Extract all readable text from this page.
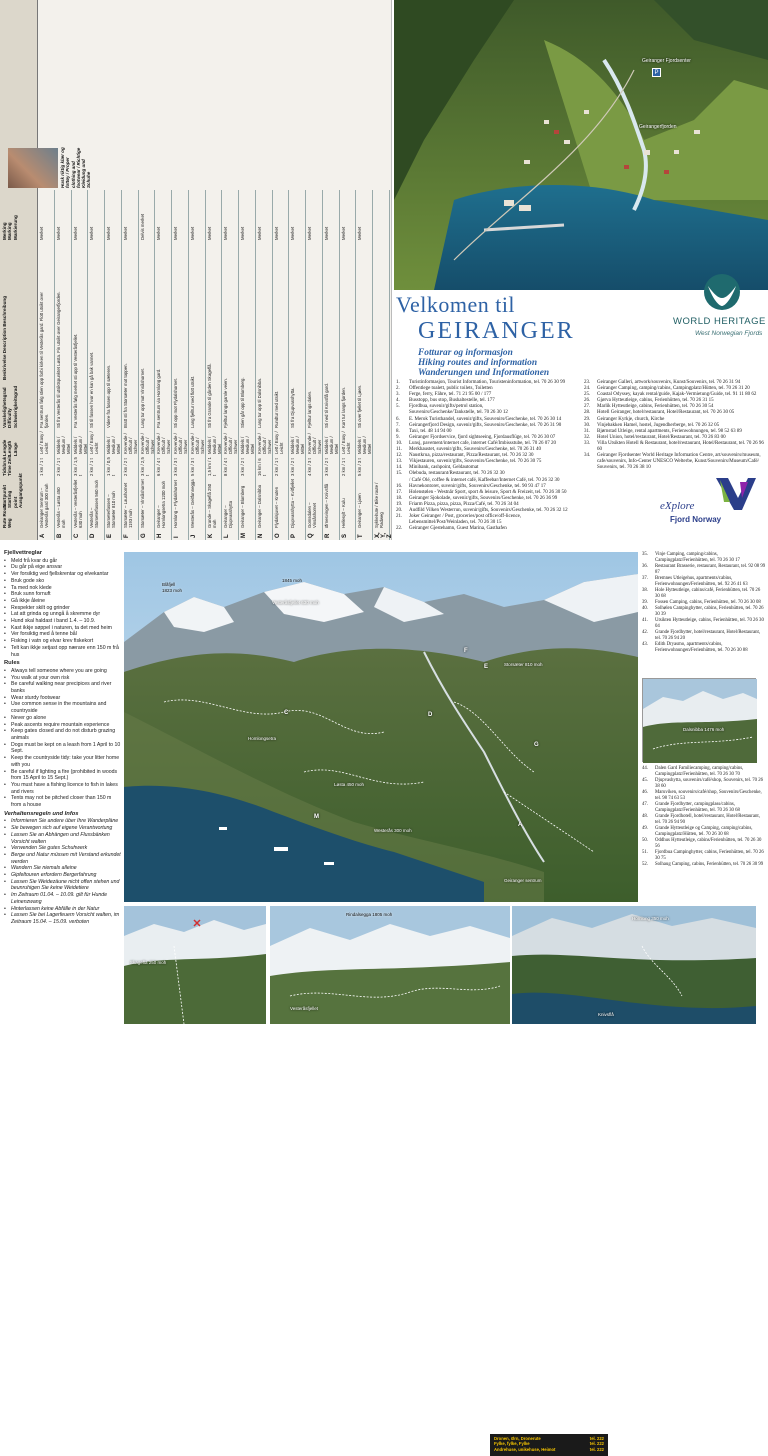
Rute Route Weg
Startpunkt Starting point Ausgangspunkt
Tidsbruk Time Zeit
Lengde Length Länge
Vanskelighetsgrad Difficulty Schwierigkeitsgrad
Beskrivelse Description Beschreibung
Merking Marking Markierung
A
Geiranger Sentrum – Vesterås gard 300 moh
1 km / 1 t
Lett / Easy / Leicht
Fra sentrum følg stien opp forbi kirken til Vesterås gard. Flott utsikt over fjorden.
Merket
B
Vesterås – Løsta 450 moh
2 km / 1 t
Middels / Medium / Mittel
Sti fra Vesterås til utsiktspunktet Løsta. Fin utsikt over Geirangerfjorden.
Merket
C
Vesterås – Vesteråsfjellet 630 moh
3 km / 1,5 t
Middels / Medium / Mittel
Fra Vesterås følg merket sti opp til Vesteråsfjellet.
Merket
D
Vesterås – Storseterfossen 560 moh
2 km / 1 t
Lett / Easy / Leicht
Sti til fossen hvor en kan gå bak vannet.
Merket
E
Storseterfossen – Storsæter 810 moh
1 km / 0,5 t
Middels / Medium / Mittel
Videre fra fossen opp til sæteren.
Merket
F
Storsæter – Laushornet 1193 moh
2 km / 2 t
Krevende / Difficult / Schwer
Bratt sti fra Storsæter mot toppen.
Merket
G
Storsæter – Vinsåshornet
3 km / 2,5 t
Krevende / Difficult / Schwer
Lang tur opp mot Vinsåshornet.
Delvis merket
H
Geiranger – Homlongsetra 1200 moh
6 km / 4 t
Krevende / Difficult / Schwer
Fra sentrum via Homlong gard.
Merket
I
Homlong – Flydalshornet
3 km / 3 t
Krevende / Difficult / Schwer
Sti opp mot Flydalshornet.
Merket
J
Westerås – Geitfonnegga
5 km / 3 t
Krevende / Difficult / Schwer
Lang fjelltur med flott utsikt.
Merket
K
Grande – Skageflå 250 moh
1,5 km / 1 t
Middels / Medium / Mittel
Sti fra Grande til gården Skageflå.
Merket
L
Geiranger – Djupvasshytta
8 km / 4 t
Krevende / Difficult / Schwer
Fjelltur langs gamle veien.
Merket
M
Geiranger – Blomberg
3 km / 2 t
Middels / Medium / Mittel
Stien går opp til Blomberg.
Merket
N
Geiranger – Dalsnibba
16 km / 6 t
Krevende / Difficult / Schwer
Lang tur opp til Dalsnibba.
Merket
O
Flydalsjuvet – Knuten
2 km / 1 t
Lett / Easy / Leicht
Rundtur med utsikt.
Merket
P
Djupvasshytta – Kvitfjellet
3 km / 2 t
Middels / Medium / Mittel
Sti fra Djupvasshytta.
Merket
Q
Gomsdalen – Vinsåshornet
4 km / 3 t
Krevende / Difficult / Schwer
Fjelltur langs dalen.
Merket
R
Ørnesvingen – Knivsflå
3 km / 2 t
Middels / Medium / Mittel
Sti ned til Knivsflå gard.
Merket
S
Hellesylt – Kulu
2 km / 1 t
Lett / Easy / Leicht
Kort tur langs fjorden.
Merket
T
Geiranger – Ljøen
5 km / 3 t
Middels / Medium / Mittel
Sti over fjellet til Ljøen.
Merket
X, Y, Z
Sykkelrute / Bike route / Radweg
Husk riktig klær og fottøy / Proper clothing and footwear / Richtige Kleidung und Schuhe
Geiranger Fjordsenter
Geirangerfjorden
P
Velkomen til
GEIRANGER
Fotturar og informasjon
Hiking routes and information
Wanderungen und Informationen
WORLD HERITAGE
West Norwegian Fjords
1.	Turistinformasjon, Tourist Information, Touristeninformation, tel. 70 26 30 99
2.	Offentlege toalett, public toilets, Toiletten
3.	Ferge, ferry, Fähre, tel. 71 21 95 00 / 177
4.	Busstopp, bus stop, Bushaltestelle, tel. 177
5.	Fjordbua, suvenir/gifts/petrol station,
Souvenirs/Geschenke/Tankstelle, tel. 70 26 30 12
6.	E. Merok Turisthandel, suvenir/gifts, Souvenirs/Geschenke, tel. 70 26 30 14
7.	Geirangerfjord Design, suvenir/gifts, Souvenirs/Geschenke, tel. 70 26 31 90
8.	Taxi, tel. 48 14 94 00
9.	Geiranger Fjordservice, fjord sightseeing, Fjordausflüge, tel. 70 26 30 07
10.	Lunsj, pavement/internet cafe, internet Café/Imbissstube, tel. 70 26 07 20
11.	Merkhaustet, suvenir/gifts, Souvenirs/Geschenke, tel. 70 26 31 40
12.	Naustkrua, pizza/restaurant, Pizza/Restaurant, tel. 70 26 32 30
13.	Vikjestauren, suvenir/gifts, Souvenirs/Geschenke, tel. 70 26 30 75
14.	Minibank, cashpoint, Geldautomat
15.	Olebuda, restaurant/Restaurant, tel. 70 26 32 30
/ Café Olé, coffee & internet café, Kaffeebar/Internet Café, tel. 70 26 32 30
16.	Havnekontoret, suvenir/gifts, Souvenirs/Geschenke, tel. 90 93 47 17
17.	Holenstølen - Westnår Sport, sport & leisure, Sport & Freizeit, tel. 70 26 30 50
18.	Geiranger Sjokolade, suvenir/gifts, Souvenirs/Geschenke, tel. 70 26 36 99
19.	Friarm Pizza, pizza, pizza, Pizza/Café, tel. 70 26 34 04
20.	Audfild Vilken Westerrun, suvenir/gifts, Souvenirs/Geschenke, tel. 70 26 32 12
21.	Joker Geiranger / Post, groceries/post office/off-licence,
Lebensmittel/Post/Weinladen, tel. 70 26 30 15
22.	Geiranger Gjestehamn, Guest Marina, Gasthafen
23.	Geiranger Galleri, artwork/souvenirs, Kunst/Souvenirs, tel. 70 26 31 94
24.	Geiranger Camping, camping/cabins, Campingplatz/Hütten, tel. 70 26 31 20
25.	Coastal Odyssey, kayak rental/guide, Kajak-Vermietung/Guide, tel. 91 11 80 62
26.	Gjørva Hytteutleige, cabins, Ferienhütten, tel. 70 26 31 15
27.	Marlik Hytteutleige, cabins, Ferienhütten, tel. 70 26 30 54
28.	Hotell Geiranger, hotel/restaurant, Hotel/Restaurant, tel. 70 26 30 05
29.	Geiranger Kyrkje, church, Kirche
30.	Vinjebakken Hamel, hostel, Jugendherberge, tel. 70 26 32 05
31.	Bjørnstad Utleige, rental apartments, Ferienwohnungen, tel. 98 52 63 89
32.	Hotel Union, hotel/restaurant, Hotel/Restaurant, tel. 70 26 83 00
33.	Villa Utsikten Hotell & Restaurant, hotel/restaurant, Hotel/Restaurant, tel. 70 26 96 60
34.	Geiranger Fjordsenter World Heritage Information Centre, art/souvenirs/museum,
cafe/souvenirs, Info-Center UNESCO Welterbe, Kunst/Souvenirs/Museum/Café/
Souvenirs, tel. 70 26 38 10
eXplore
Fjord Norway
Fjellvettreglar
• Meld frå kvar du går
• Du går på eige ansvar
• Ver forsiktig ved fjellskrentar og elvekantar
• Bruk gode sko
• Ta med nok klede
• Bruk sunn fornuft
• Gå ikkje åleine
• Respekter skilt og grinder
• Lat att grinda og unngå å skremme dyr
• Hund skal haldast i band 1.4. – 10.9.
• Kast ikkje søppel i naturen, ta det med heim
• Ver forsiktig med å tenne bål
• Fisking i vatn og elvar krev fiskekort
• Telt kan ikkje setjast opp nærare enn 150 m frå hus
Rules
• Always tell someone where you are going
• You walk at your own risk
• Be careful walking near precipices and river banks
• Wear sturdy footwear
• Use common sense in the mountains and countryside
• Never go alone
• Peak ascents require mountain experience
• Keep gates closed and do not disturb grazing animals
• Dogs must be kept on a leash from 1 April to 10 Sept.
• Keep the countryside tidy: take your litter home with you
• Be careful if lighting a fire (prohibited in woods from 15 April to 15 Sept.)
• You must have a fishing licence to fish in lakes and rivers
• Tents may not be pitched closer than 150 m from a house
Verhaltensregeln und Infos
• Informieren Sie andere über Ihre Wanderpläne
• Sie bewegen sich auf eigene Verantwortung
• Lassen Sie an Abhängen und Flussbänken Vorsicht walten
• Verwenden Sie gutes Schuhwerk
• Berge und Natur müssen mit Verstand erkundet werden
• Wandern Sie niemals alleine
• Gipfeltouren erfordern Bergerfahrung
• Lassen Sie Weidezäune nicht offen stehen und beunruhigen Sie keine Weidetiere
• Im Zeitraum 01.04. – 10.09. gilt für Hunde Leinenzwang
• Hinterlassen keine Abfälle in der Natur
• Lassen Sie bei Lagerfeuern Vorsicht walten, im Zeitraum 15.04. – 15.09. verboten
Blåfjell
1823 moh
1845 moh
Vesteråsfjellet 630 moh
Løsta 450 moh
Storsæter 810 moh
Homlongsetra
Westerås 300 moh
Geiranger sentrum
C	D
E
F
G
M
A
Dronen, Ørn, Dronerute	tel. 222
Fylke, fylke, Fylke	tel. 222
Andrehuse, unikehuse, Heimot	tel. 222
35.	Vinje Camping, camping/cabins, Campingplatz/Ferienhütten, tel. 70 26 30 17
36.	Restaurant Brasserie, restaurant, Restaurant, tel. 92 08 99 87
37.	Bremnes Utleigehus, apartments/cabins, Ferienwohnungen/Ferienhütten, tel. 92 26 41 63
38.	Hole Hytteutleige, cabins/café, Ferienhütten, tel. 70 26 30 68
39.	Fossen Camping, cabins, Ferienhütten, tel. 70 26 30 08
40.	Solhølen Campinghytter, cabins, Ferienhütten, tel. 70 26 30 39
41.	Utsikten Hytteutleige, cabins, Ferienhütten, tel. 70 26 30 04
42.	Grande Fjordhytter, hotel/restaurant, Hotel/Restaurant, tel. 70 26 94 20
43.	Edith Dryasmo, apartments/cabins, Ferienwohnungen/Ferienhütten, tel. 70 26 30 88
Dalsnibba 1476 moh
44.	Dalen Gard Familiecamping, camping/cabins, Campingplatz/Ferienhütten, tel. 70 26 30 70
45.	Djupvashytta, souvenirs/café/shop, Souvenirs, tel. 70 26 38 60
46.	Maruviken, souvenirs/café/shop, Souvenirs/Geschenke, tel. 98 74 63 53
47.	Grande Fjordhytter, campingplass/cabins, Campingplatz/Ferienhütten, tel. 70 26 30 68
48.	Grande Fjordhotell, hotel/restaurant, Hotel/Restaurant, tel. 70 26 94 90
49.	Grande Hytteutleige og Camping, camping/cabins, Campingplatz/Hütten, tel. 70 26 30 68
50.	Oddhus Hytteutleige, cabins/Ferienhütten, tel. 70 26 30 56
51.	Fjordbua Campinghytter, cabins, Ferienhütten, tel. 70 26 30 75
52.	Solhaug Camping, cabins, Ferienhütten, tel. 70 26 30 99
Skagefla 250 moh
Rindalsegga 1805 moh
Vesteråsfjellet
Homlong 350 moh
Knivsflå
